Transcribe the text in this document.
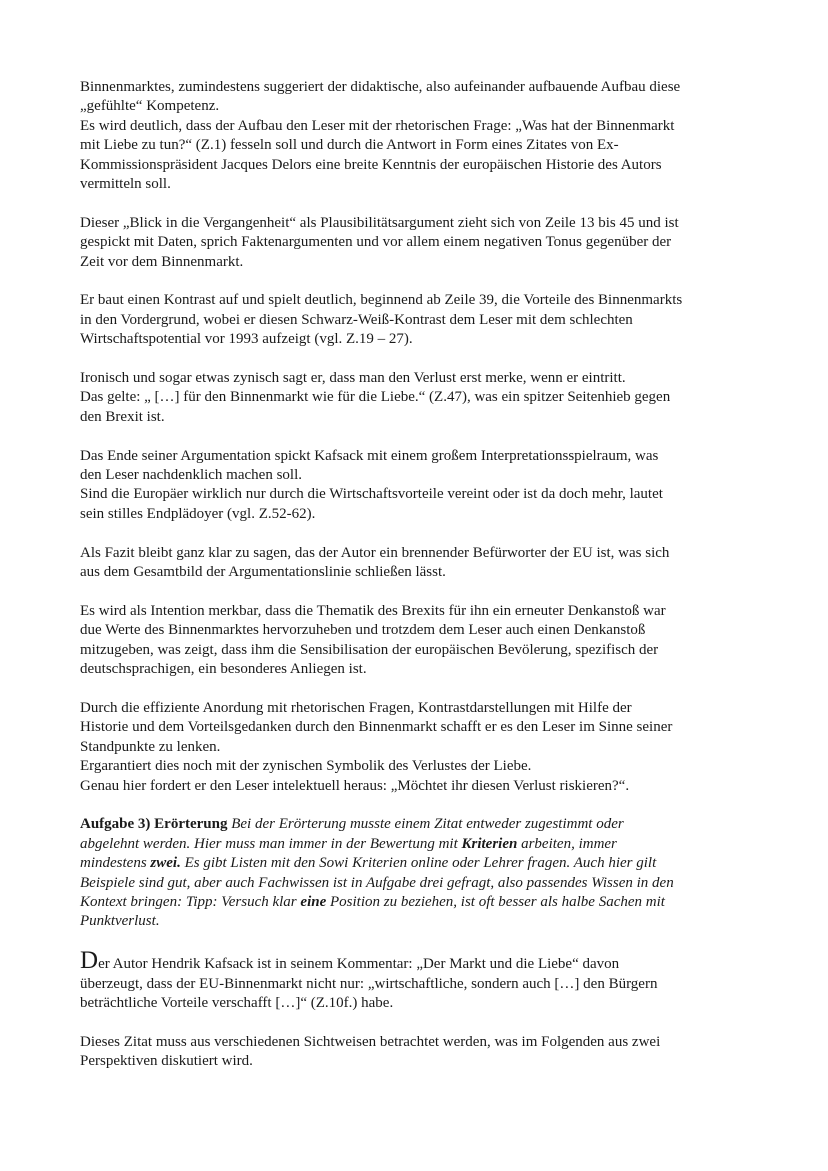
Binnenmarktes, zumindestens suggeriert der didaktische, also aufeinander aufbauende Aufbau diese
„gefühlte“ Kompetenz.
Es wird deutlich, dass der Aufbau den Leser mit der rhetorischen Frage: „Was hat der Binnenmarkt
mit Liebe zu tun?“ (Z.1) fesseln soll und durch die Antwort in Form eines Zitates von Ex-
Kommissionspräsident Jacques Delors eine breite Kenntnis der europäischen Historie des Autors
vermitteln soll.

Dieser „Blick in die Vergangenheit“ als Plausibilitätsargument zieht sich von Zeile 13 bis 45 und ist
gespickt mit Daten, sprich Faktenargumenten und vor allem einem negativen Tonus gegenüber der
Zeit vor dem Binnenmarkt.

Er baut einen Kontrast auf und spielt deutlich, beginnend ab Zeile 39, die Vorteile des Binnenmarkts
in den Vordergrund, wobei er diesen Schwarz-Weiß-Kontrast dem Leser mit dem schlechten
Wirtschaftspotential vor 1993 aufzeigt (vgl. Z.19 – 27).

Ironisch und sogar etwas zynisch sagt er, dass man den Verlust erst merke, wenn er eintritt.
Das gelte: „ […] für den Binnenmarkt wie für die Liebe.“ (Z.47), was ein spitzer Seitenhieb gegen
den Brexit ist.

Das Ende seiner Argumentation spickt Kafsack mit einem großem Interpretationsspielraum, was
den Leser nachdenklich machen soll.
Sind die Europäer wirklich nur durch die Wirtschaftsvorteile vereint oder ist da doch mehr, lautet
sein stilles Endplädoyer (vgl. Z.52-62).

Als Fazit bleibt ganz klar zu sagen, das der Autor ein brennender Befürworter der EU ist, was sich
aus dem Gesamtbild der Argumentationslinie schließen lässt.

Es wird als Intention merkbar, dass die Thematik des Brexits für ihn ein erneuter Denkanstoß war
due Werte des Binnenmarktes hervorzuheben und trotzdem dem Leser auch einen Denkanstoß
mitzugeben, was zeigt, dass ihm die Sensibilisation der europäischen Bevölerung, spezifisch der
deutschsprachigen, ein besonderes Anliegen ist.

Durch die effiziente Anordung mit rhetorischen Fragen, Kontrastdarstellungen mit Hilfe der
Historie und dem Vorteilsgedanken durch den Binnenmarkt schafft er es den Leser im Sinne seiner
Standpunkte zu lenken.
Ergarantiert dies noch mit der zynischen Symbolik des Verlustes der Liebe.
Genau hier fordert er den Leser intelektuell heraus: „Möchtet ihr diesen Verlust riskieren?“.

Aufgabe 3) Erörterung Bei der Erörterung musste einem Zitat entweder zugestimmt oder
abgelehnt werden. Hier muss man immer in der Bewertung mit Kriterien arbeiten, immer
mindestens zwei. Es gibt Listen mit den Sowi Kriterien online oder Lehrer fragen. Auch hier gilt
Beispiele sind gut, aber auch Fachwissen ist in Aufgabe drei gefragt, also passendes Wissen in den
Kontext bringen: Tipp: Versuch klar eine Position zu beziehen, ist oft besser als halbe Sachen mit
Punktverlust.

Der Autor Hendrik Kafsack ist in seinem Kommentar: „Der Markt und die Liebe“ davon
überzeugt, dass der EU-Binnenmarkt nicht nur: „wirtschaftliche, sondern auch […] den Bürgern
beträchtliche Vorteile verschafft […]“ (Z.10f.) habe.

Dieses Zitat muss aus verschiedenen Sichtweisen betrachtet werden, was im Folgenden aus zwei
Perspektiven diskutiert wird.
